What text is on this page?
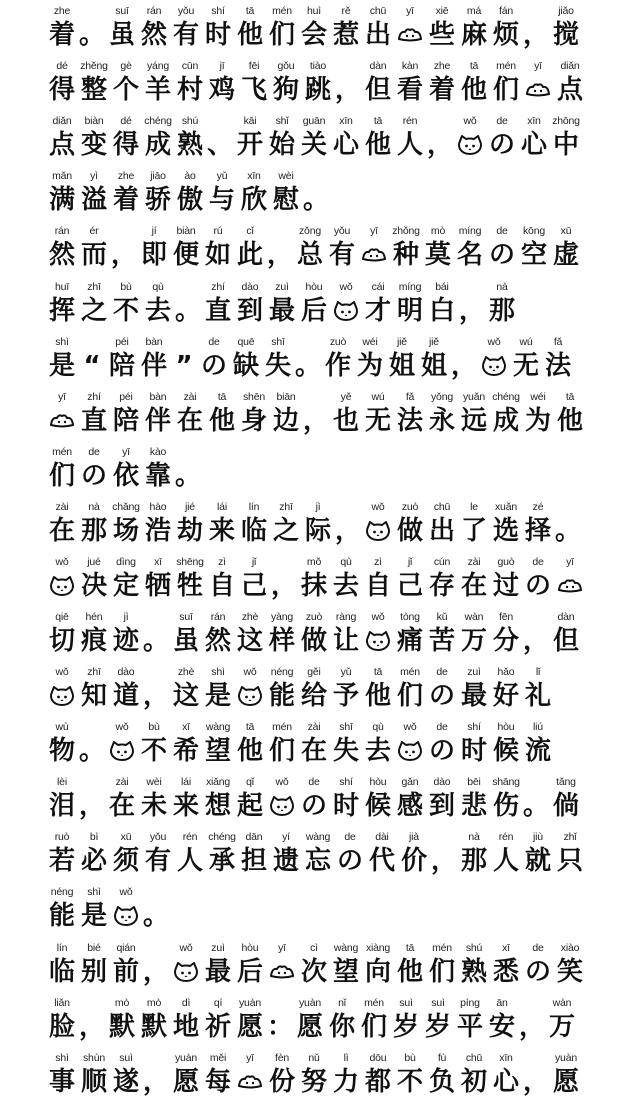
zhe
着 。
suī
虽
rán
然
yǒu
有
shí
时
tā
他
mén
们
huì
会
rě
惹
chū
出
yī xiē
些
má
麻
fán
烦 ，
jiǎo
搅
dé
得
zhěng
整
gè
个
yáng
羊
cūn
村
jī
鸡
fēi
飞
gǒu
狗
tiào
跳 ，
dàn
但
kàn
看
zhe
着
tā
他
mén
们
yī diǎn
点
diǎn
点
biàn
变
dé
得
chéng
成
shú
熟 、
kāi
开
shǐ
始
guān
关
xīn
心
tā
他
rén
人 ，
wǒ de
の
xīn
心
zhōng
中
mǎn
满
yì
溢
zhe
着
jiāo
骄
ào
傲
yǔ
与
xīn
欣
wèi
慰 。
rán
然
ér
而 ，
jí
即
biàn
便
rú
如
cǐ
此 ，
zǒng
总
yǒu
有
yī zhǒng
种
mò
莫
míng
名
de
の
kōng
空
xū
虚
huī
挥
zhī
之
bù
不
qù
去 。
zhí
直
dào
到
zuì
最
hòu
后
wǒ cái
才
míng
明
bái
白 ，
nà
那
shì
是 “
péi
陪
bàn
伴 ”
de
の
quē
缺
shī
失 。
zuò
作
wéi
为
jiě
姐
jiě
姐 ，
wǒ wú
无
fǎ
法
yī zhí
直
péi
陪
bàn
伴
zài
在
tā
他
shēn
身
biān
边 ，
yě
也
wú
无
fǎ
法
yǒng
永
yuǎn
远
chéng
成
wéi
为
tā
他
mén
们
de
の
yī
依
kào
靠 。
zài
在
nà
那
chǎng
场
hào
浩
jié
劫
lái
来
lín
临
zhī
之
jì
际 ，
wǒ zuò
做
chū
出
le
了
xuǎn
选
zé
择 。
wǒ jué
决
dìng
定
xī
牺
shēng
牲
zì
自
jǐ
己 ，
mǒ
抹
qù
去
zì
自
jǐ
己
cún
存
zài
在
guò
过
de
の
yī
qiē
切
hén
痕
jì
迹 。
suī
虽
rán
然
zhè
这
yàng
样
zuò
做
ràng
让
wǒ tòng
痛
kǔ
苦
wàn
万
fēn
分 ，
dàn
但
wǒ zhī
知
dào
道 ，
zhè
这
shì
是
wǒ néng
能
gěi
给
yǔ
予
tā
他
mén
们
de
の
zuì
最
hǎo
好
lǐ
礼
wù
物 。
wǒ bù
不
xī
希
wàng
望
tā
他
mén
们
zài
在
shī
失
qù
去
wǒ de
の
shí
时
hòu
候
liú
流
lèi
泪 ，
zài
在
wèi
未
lái
来
xiǎng
想
qǐ
起
wǒ de
の
shí
时
hòu
候
gǎn
感
dào
到
bēi
悲
shāng
伤 。
tǎng
倘
ruò
若
bì
必
xū
须
yǒu
有
rén
人
chéng
承
dān
担
yí
遗
wàng
忘
de
の
dài
代
jià
价 ，
nà
那
rén
人
jiù
就
zhǐ
只
néng
能
shì
是
wǒ
。
lín
临
bié
别
qián
前 ，
wǒ zuì
最
hòu
后
yī cì
次
wàng
望
xiàng
向
tā
他
mén
们
shú
熟
xī
悉
de
の
xiào
笑
liǎn
脸 ，
mò
默
mò
默
dì
地
qí
祈
yuàn
愿 ：
yuàn
愿
nǐ
你
mén
们
suì
岁
suì
岁
píng
平
ān
安 ，
wàn
万
shì
事
shùn
顺
suì
遂 ，
yuàn
愿
měi
每
yī fèn
份
nǔ
努
lì
力
dōu
都
bù
不
fù
负
chū
初
xīn
心 ，
yuàn
愿
